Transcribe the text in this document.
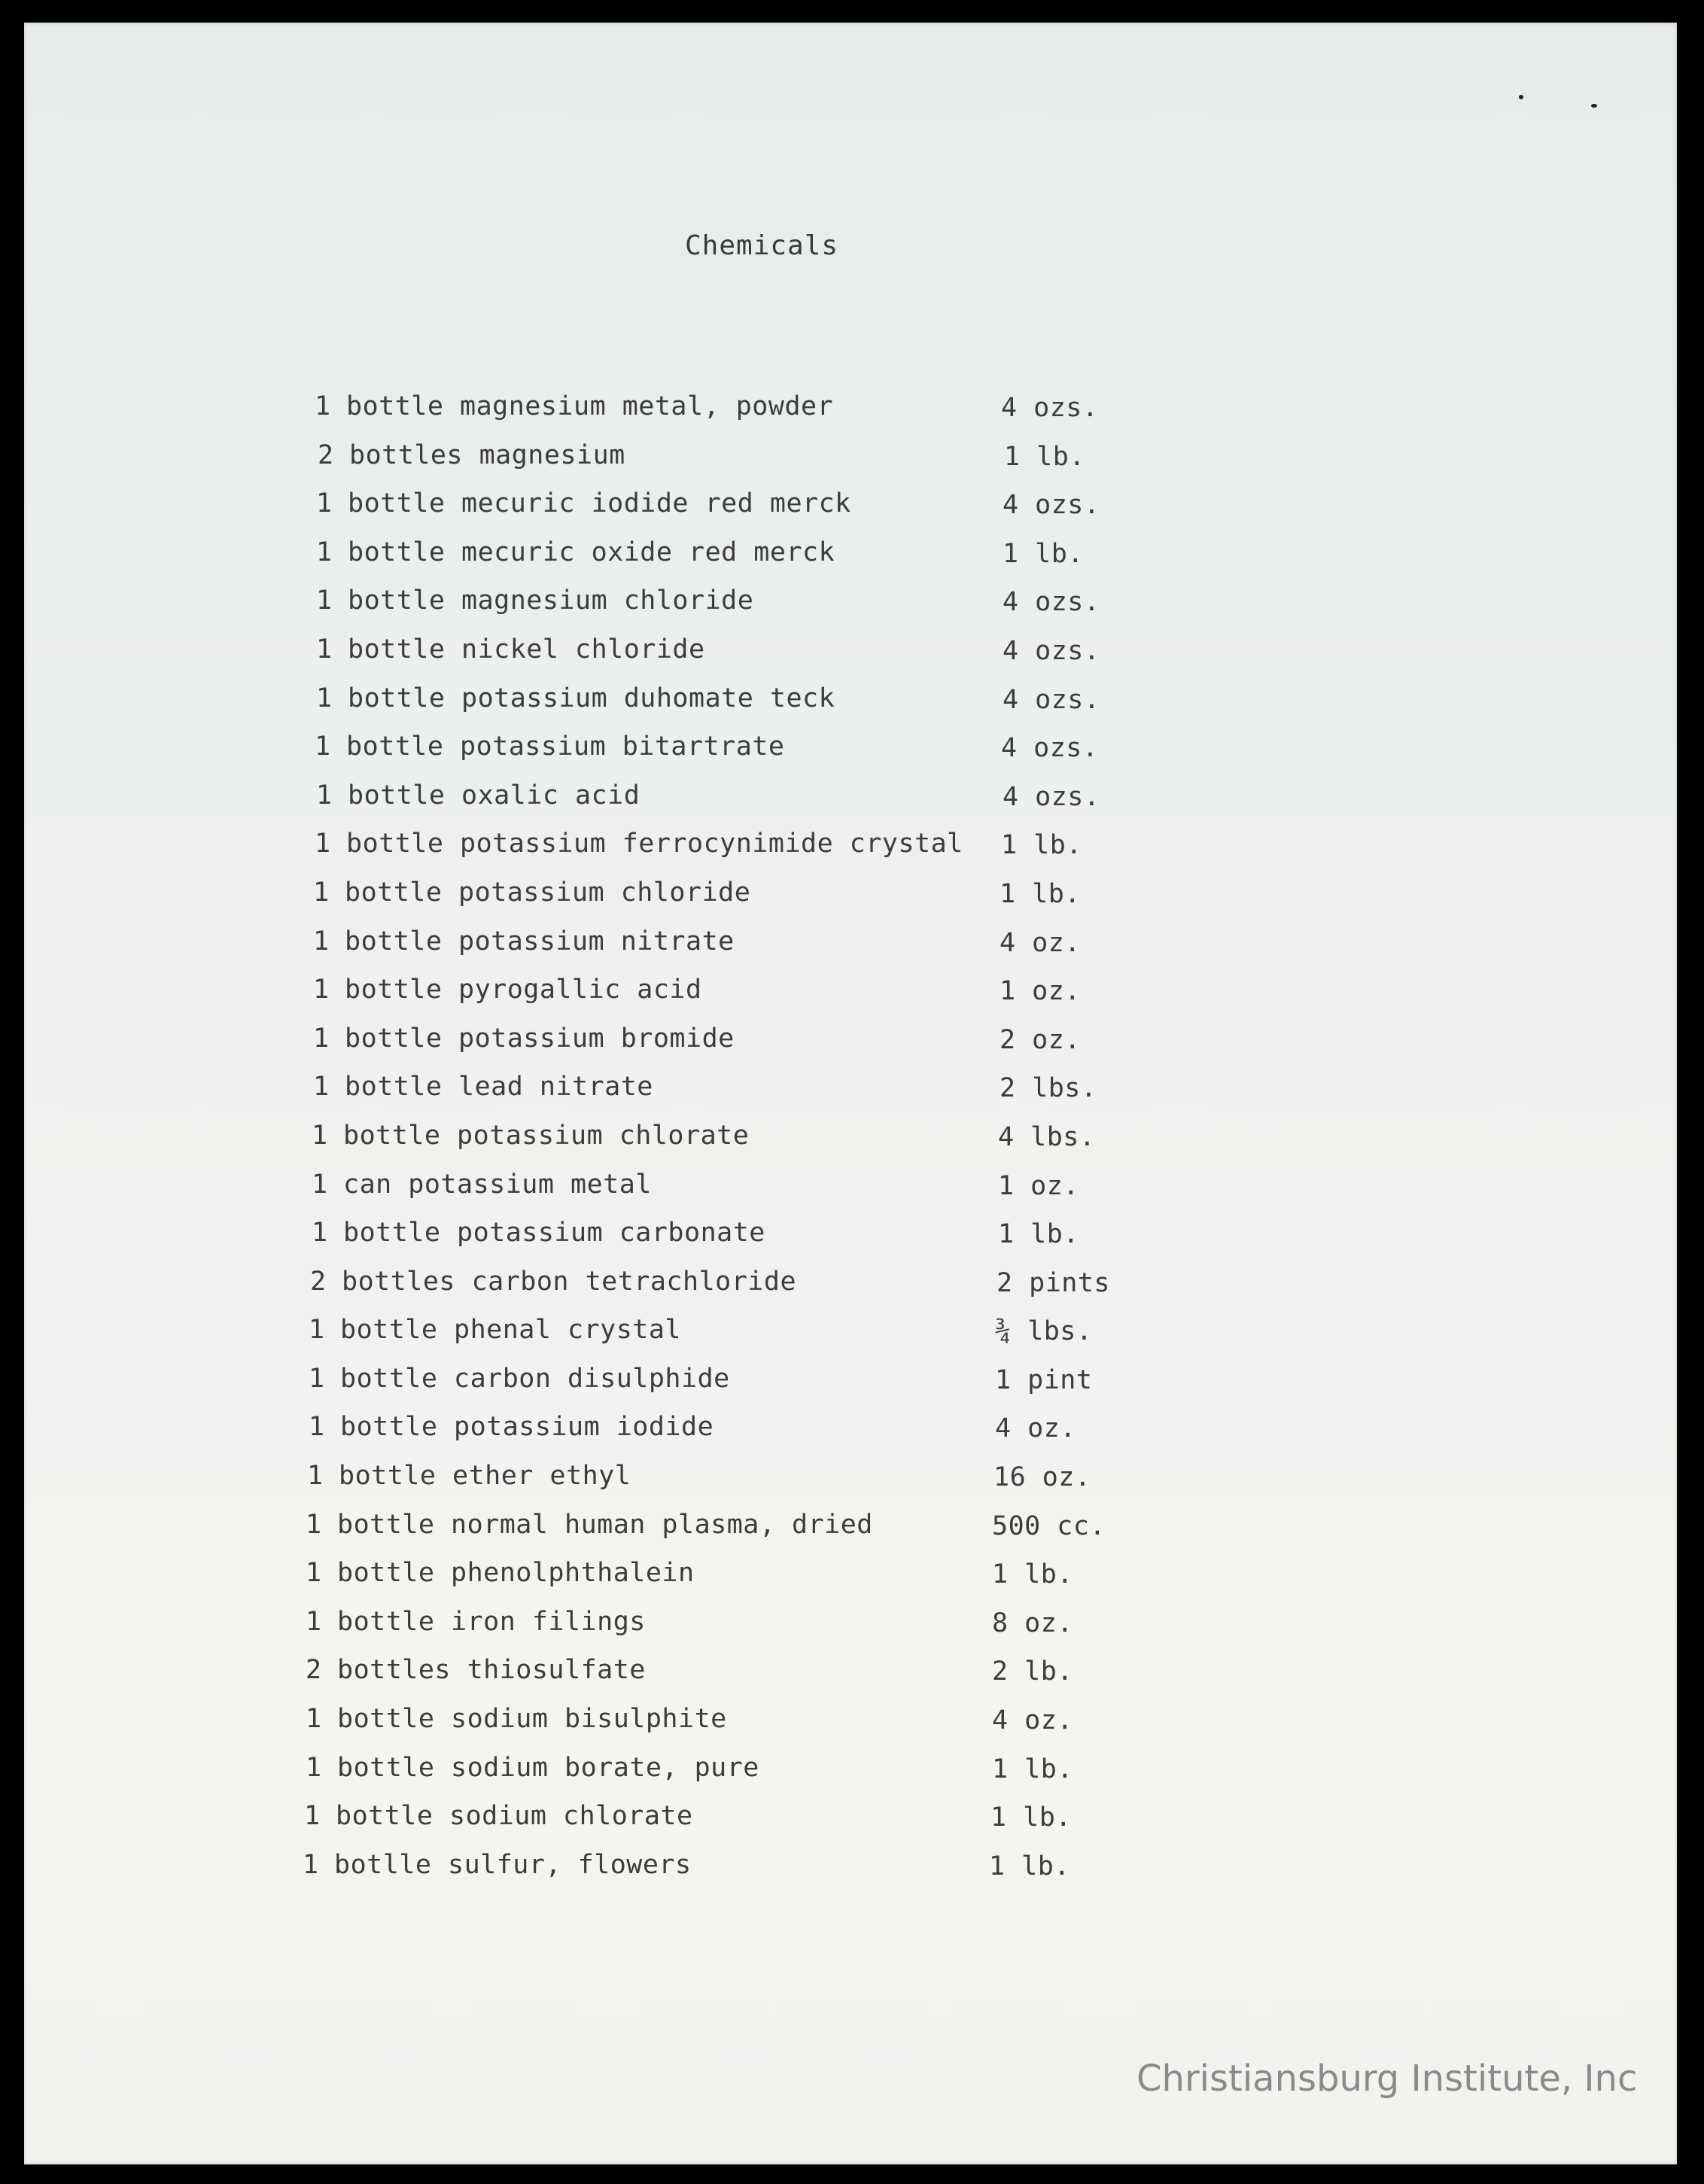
Chemicals
1 bottle magnesium metal, powder	4 ozs.
2 bottles magnesium	1 lb.
1 bottle mecuric iodide red merck	4 ozs.
1 bottle mecuric oxide red merck	1 lb.
1 bottle magnesium chloride	4 ozs.
1 bottle nickel chloride	4 ozs.
1 bottle potassium duhomate teck	4 ozs.
1 bottle potassium bitartrate	4 ozs.
1 bottle oxalic acid	4 ozs.
1 bottle potassium ferrocynimide crystal 1 lb.
1 bottle potassium chloride	1 lb.
1 bottle potassium nitrate	4 oz.
1 bottle pyrogallic acid	1 oz.
1 bottle potassium bromide	2 oz.
1 bottle lead nitrate	2 lbs.
1 bottle potassium chlorate	4 lbs.
1 can potassium metal	1 oz.
1 bottle potassium carbonate	1 lb.
2 bottles carbon tetrachloride	2 pints
1 bottle phenal crystal	¾ lbs.
1 bottle carbon disulphide	1 pint
1 bottle potassium iodide	4 oz.
1 bottle ether ethyl	16 oz.
1 bottle normal human plasma, dried	500 cc.
1 bottle phenolphthalein	1 lb.
1 bottle iron filings	8 oz.
2 bottles thiosulfate	2 lb.
1 bottle sodium bisulphite	4 oz.
1 bottle sodium borate, pure	1 lb.
1 bottle sodium chlorate	1 lb.
1 botlle sulfur, flowers	1 lb.
Christiansburg Institute, Inc
